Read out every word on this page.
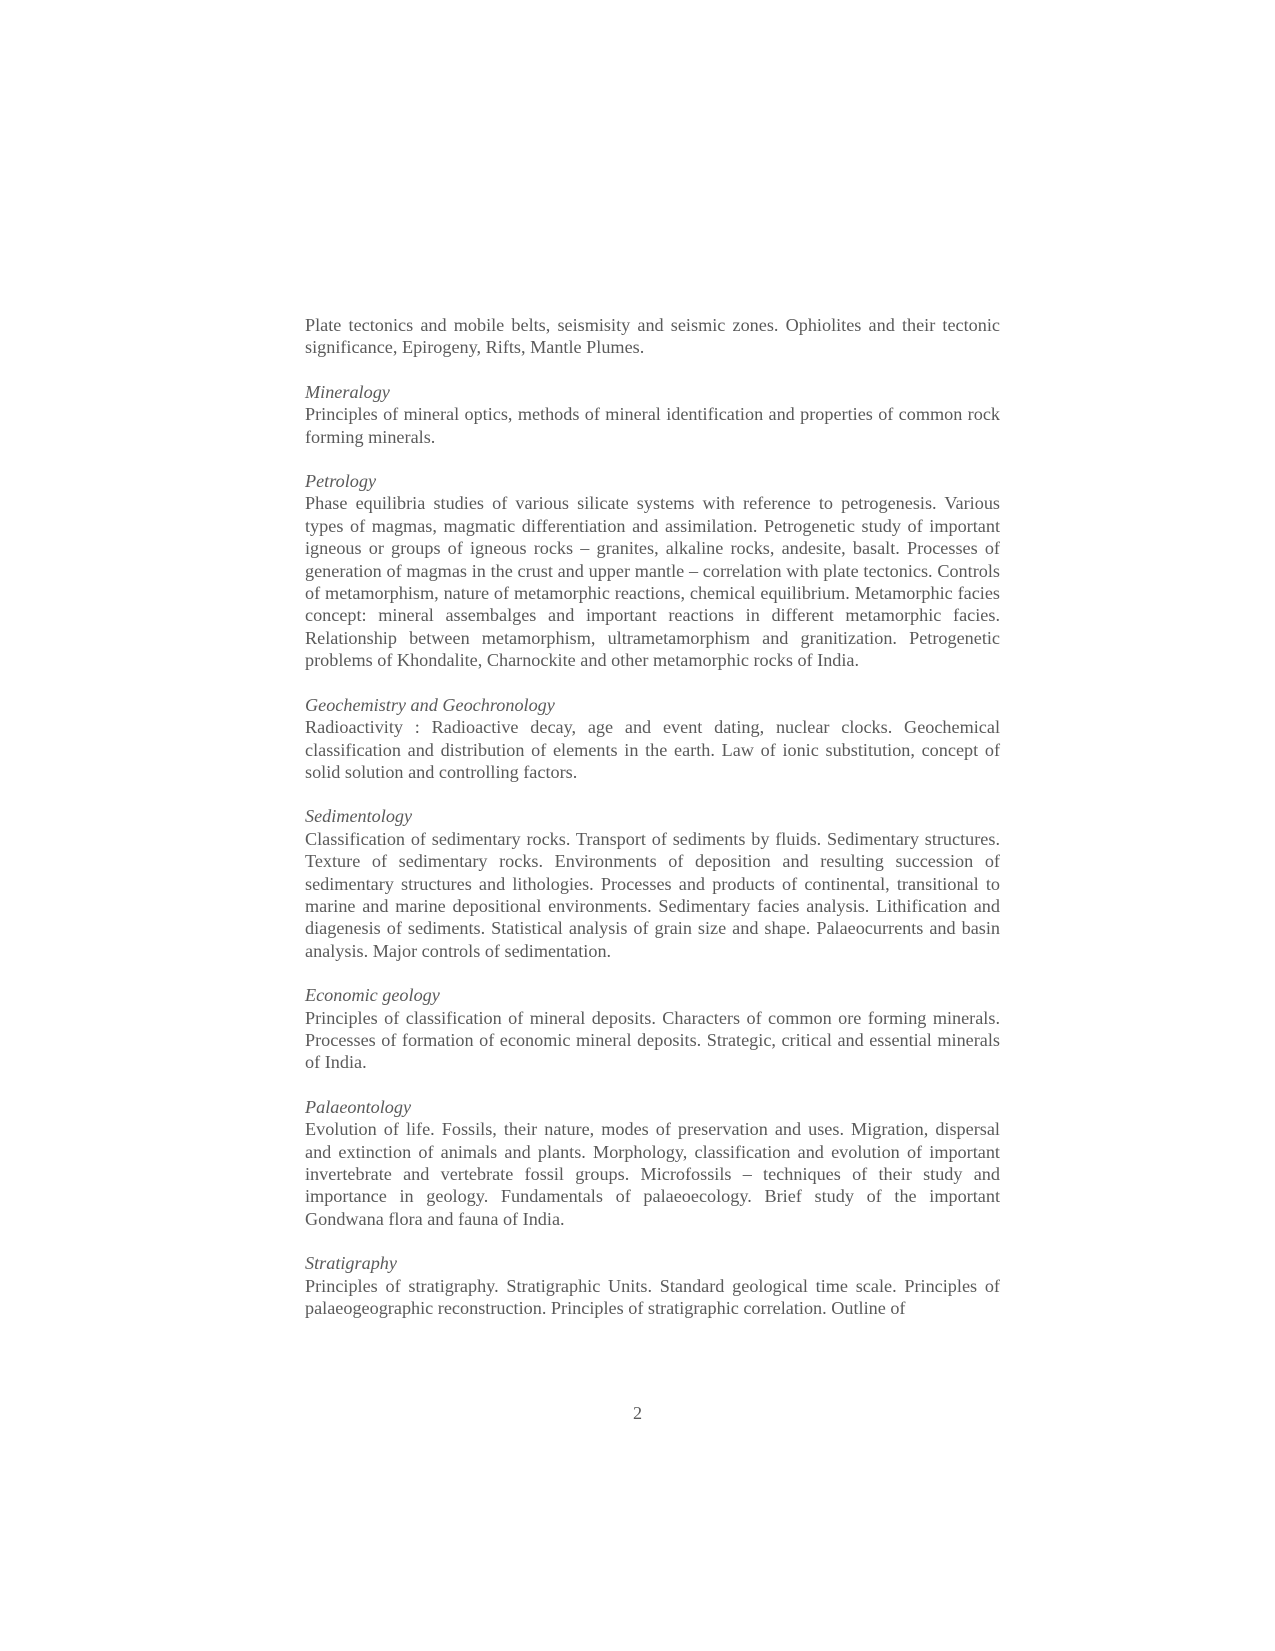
Plate tectonics and mobile belts, seismisity and seismic zones. Ophiolites and their tectonic significance, Epirogeny, Rifts, Mantle Plumes.

Mineralogy

Principles of mineral optics, methods of mineral identification and properties of common rock forming minerals.

Petrology

Phase equilibria studies of various silicate systems with reference to petrogenesis. Various types of magmas, magmatic differentiation and assimilation. Petrogenetic study of important igneous or groups of igneous rocks – granites, alkaline rocks, andesite, basalt. Processes of generation of magmas in the crust and upper mantle – correlation with plate tectonics. Controls of metamorphism, nature of metamorphic reactions, chemical equilibrium. Metamorphic facies concept: mineral assembalges and important reactions in different metamorphic facies. Relationship between metamorphism, ultrametamorphism and granitization. Petrogenetic problems of Khondalite, Charnockite and other metamorphic rocks of India.

Geochemistry and Geochronology

Radioactivity : Radioactive decay, age and event dating, nuclear clocks. Geochemical classification and distribution of elements in the earth. Law of ionic substitution, concept of solid solution and controlling factors.

Sedimentology

Classification of sedimentary rocks. Transport of sediments by fluids. Sedimentary structures. Texture of sedimentary rocks. Environments of deposition and resulting succession of sedimentary structures and lithologies. Processes and products of continental, transitional to marine and marine depositional environments. Sedimentary facies analysis. Lithification and diagenesis of sediments. Statistical analysis of grain size and shape. Palaeocurrents and basin analysis. Major controls of sedimentation.

Economic geology

Principles of classification of mineral deposits. Characters of common ore forming minerals. Processes of formation of economic mineral deposits. Strategic, critical and essential minerals of India.

Palaeontology

Evolution of life. Fossils, their nature, modes of preservation and uses. Migration, dispersal and extinction of animals and plants. Morphology, classification and evolution of important invertebrate and vertebrate fossil groups. Microfossils – techniques of their study and importance in geology. Fundamentals of palaeoecology. Brief study of the important Gondwana flora and fauna of India.

Stratigraphy

Principles of stratigraphy. Stratigraphic Units. Standard geological time scale. Principles of palaeogeographic reconstruction. Principles of stratigraphic correlation. Outline of

2
